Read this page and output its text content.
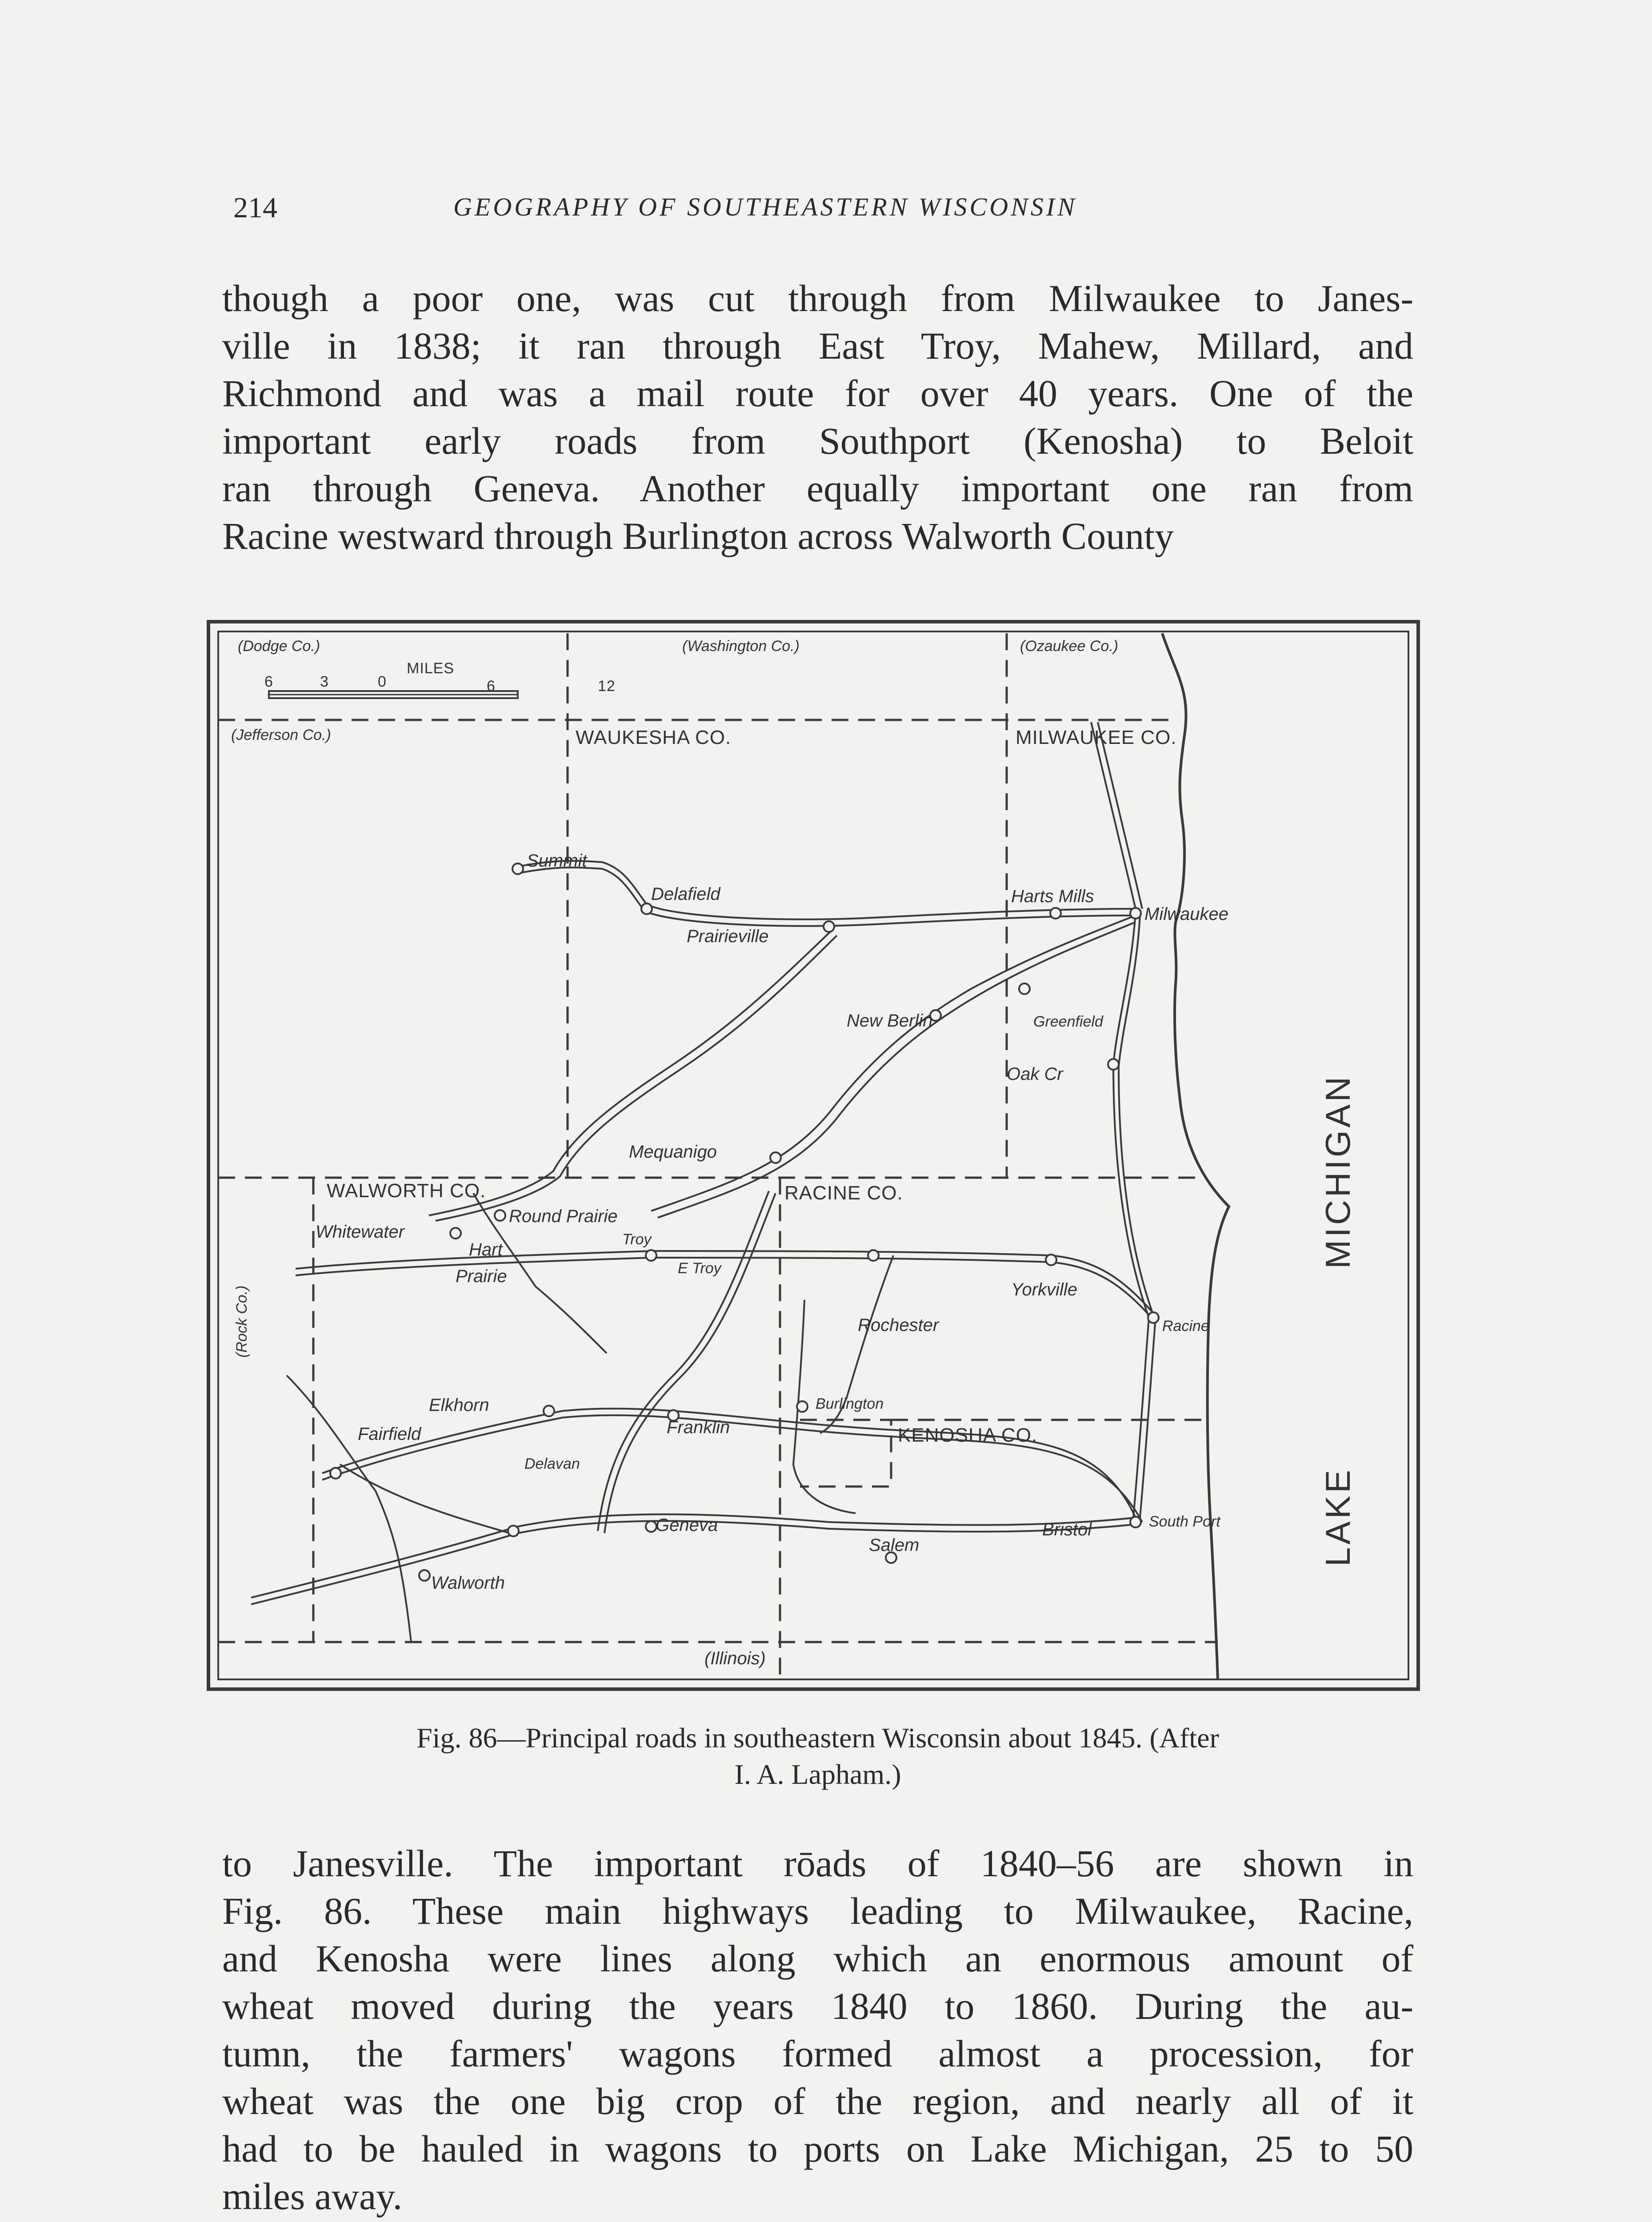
214	GEOGRAPHY OF SOUTHEASTERN WISCONSIN
though a poor one, was cut through from Milwaukee to Janes-
ville in 1838; it ran through East Troy, Mahew, Millard, and
Richmond and was a mail route for over 40 years. One of the
important early roads from Southport (Kenosha) to Beloit
ran through Geneva. Another equally important one ran from
Racine westward through Burlington across Walworth County
(Dodge Co.)	(Washington Co.)	(Ozaukee Co.)
(Jefferson Co.)
(Rock Co.)
(Illinois)
MILES
6	3	0	6	12
WAUKESHA CO.	MILWAUKEE CO.
WALWORTH CO.	RACINE CO.
KENOSHA CO.
MICHIGAN
LAKE
Summit
Delafield
Prairieville
Harts Mills
Milwaukee
New Berlin	Greenfield
Oak Cr
Mequanigo
Round Prairie
Whitewater
Hart
Prairie
Troy
E Troy
Yorkville
Rochester	Racine
Elkhorn
Fairfield
Delavan
Franklin
Burlington
Geneva
Salem
Bristol	South Port
Walworth
Fig. 86—Principal roads in southeastern Wisconsin about 1845. (After
I. A. Lapham.)
to Janesville. The important rōads of 1840–56 are shown in
Fig. 86. These main highways leading to Milwaukee, Racine,
and Kenosha were lines along which an enormous amount of
wheat moved during the years 1840 to 1860. During the au-
tumn, the farmers' wagons formed almost a procession, for
wheat was the one big crop of the region, and nearly all of it
had to be hauled in wagons to ports on Lake Michigan, 25 to 50
miles away.
